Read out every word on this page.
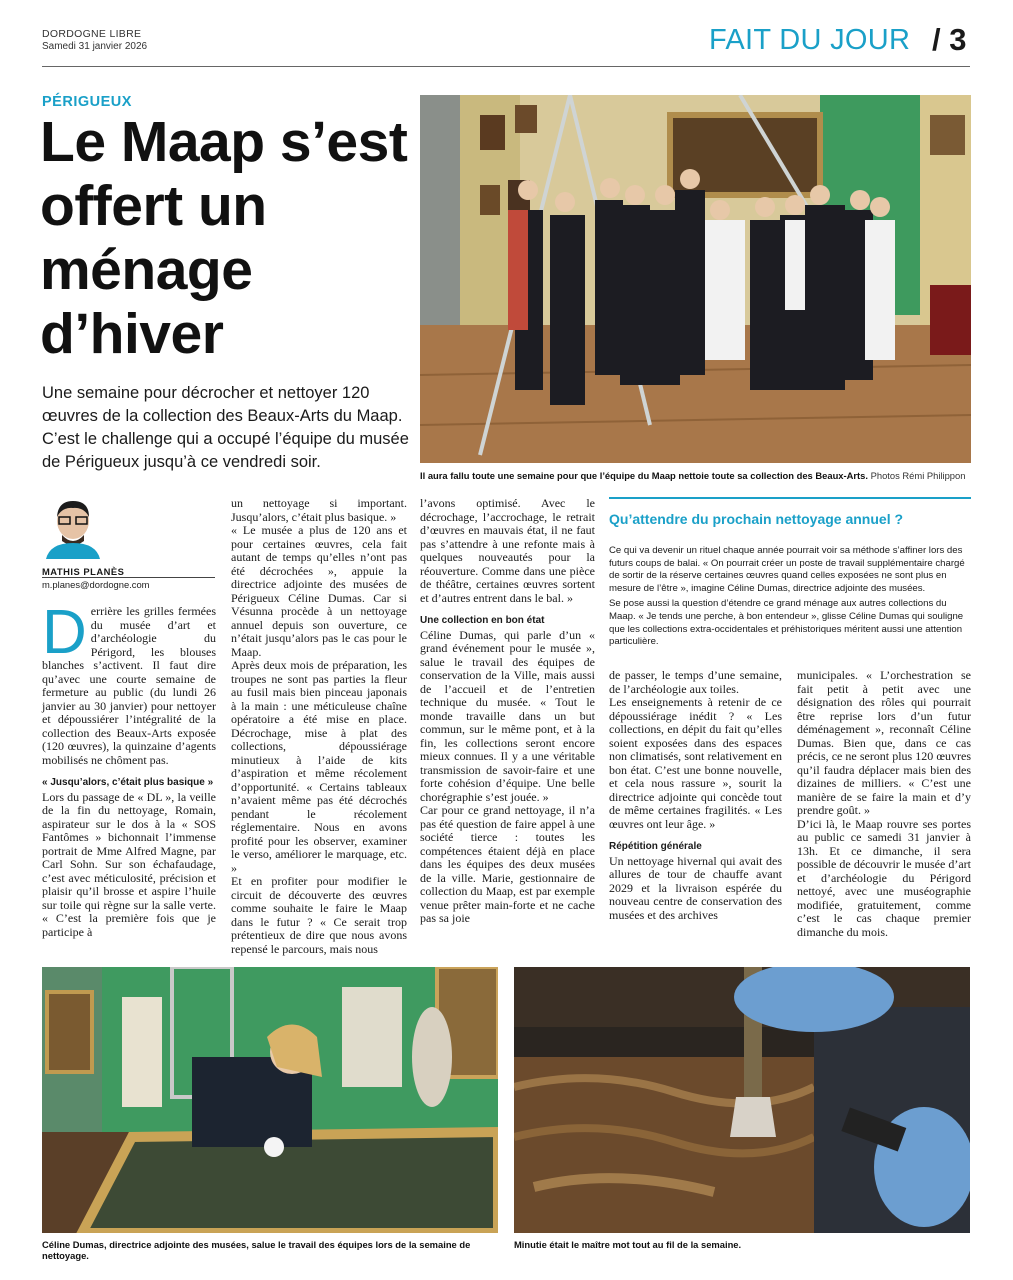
DORDOGNE LIBRE
Samedi 31 janvier 2026	FAIT DU JOUR / 3
PÉRIGUEUX
Le Maap s’est offert un ménage d’hiver

Une semaine pour décrocher et nettoyer 120 œuvres de la collection des Beaux-Arts du Maap. C’est le challenge qui a occupé l’équipe du musée de Périgueux jusqu’à ce vendredi soir.

Il aura fallu toute une semaine pour que l’équipe du Maap nettoie toute sa collection des Beaux-Arts. Photos Rémi Philippon
MATHIS PLANÈS
m.planes@dordogne.com
D errière les grilles fermées du musée d’art et d’archéologie du Périgord, les blouses blanches s’activent. Il faut dire qu’avec une courte semaine de fermeture au public (du lundi 26 janvier au 30 janvier) pour nettoyer et dépoussiérer l’intégralité de la collection des Beaux-Arts exposée (120 œuvres), la quinzaine d’agents mobilisés ne chôment pas.

« Jusqu’alors, c’était plus basique »

Lors du passage de « DL », la veille de la fin du nettoyage, Romain, aspirateur sur le dos à la « SOS Fantômes » bichonnait l’immense portrait de Mme Alfred Magne, par Carl Sohn. Sur son échafaudage, c’est avec méticulosité, précision et plaisir qu’il brosse et aspire l’huile sur toile qui règne sur la salle verte. « C’est la première fois que je participe à

un nettoyage si important. Jusqu’alors, c’était plus basique. »

« Le musée a plus de 120 ans et pour certaines œuvres, cela fait autant de temps qu’elles n’ont pas été décrochées », appuie la directrice adjointe des musées de Périgueux Céline Dumas. Car si Vésunna procède à un nettoyage annuel depuis son ouverture, ce n’était jusqu’alors pas le cas pour le Maap.

Après deux mois de préparation, les troupes ne sont pas parties la fleur au fusil mais bien pinceau japonais à la main : une méticuleuse chaîne opératoire a été mise en place. Décrochage, mise à plat des collections, dépoussiérage minutieux à l’aide de kits d’aspiration et même récolement d’opportunité. « Certains tableaux n’avaient même pas été décrochés pendant le récolement réglementaire. Nous en avons profité pour les observer, examiner le verso, améliorer le marquage, etc. »

Et en profiter pour modifier le circuit de découverte des œuvres comme souhaite le faire le Maap dans le futur ? « Ce serait trop prétentieux de dire que nous avons repensé le parcours, mais nous

l’avons optimisé. Avec le décrochage, l’accrochage, le retrait d’œuvres en mauvais état, il ne faut pas s’attendre à une refonte mais à quelques nouveautés pour la réouverture. Comme dans une pièce de théâtre, certaines œuvres sortent et d’autres entrent dans le bal. »

Une collection en bon état

Céline Dumas, qui parle d’un « grand événement pour le musée », salue le travail des équipes de conservation de la Ville, mais aussi de l’accueil et de l’entretien technique du musée. « Tout le monde travaille dans un but commun, sur le même pont, et à la fin, les collections seront encore mieux connues. Il y a une véritable transmission de savoir-faire et une forte cohésion d’équipe. Une belle chorégraphie s’est jouée. »

Car pour ce grand nettoyage, il n’a pas été question de faire appel à une société tierce : toutes les compétences étaient déjà en place dans les équipes des deux musées de la ville. Marie, gestionnaire de collection du Maap, est par exemple venue prêter main-forte et ne cache pas sa joie

Qu’attendre du prochain nettoyage annuel ?

Ce qui va devenir un rituel chaque année pourrait voir sa méthode s’affiner lors des futurs coups de balai. « On pourrait créer un poste de travail supplémentaire chargé de sortir de la réserve certaines œuvres quand celles exposées ne sont plus en mesure de l’être », imagine Céline Dumas, directrice adjointe des musées.

Se pose aussi la question d’étendre ce grand ménage aux autres collections du Maap. « Je tends une perche, à bon entendeur », glisse Céline Dumas qui souligne que les collections extra-occidentales et préhistoriques méritent aussi une attention particulière.

de passer, le temps d’une semaine, de l’archéologie aux toiles.

Les enseignements à retenir de ce dépoussiérage inédit ? « Les collections, en dépit du fait qu’elles soient exposées dans des espaces non climatisés, sont relativement en bon état. C’est une bonne nouvelle, et cela nous rassure », sourit la directrice adjointe qui concède tout de même certaines fragilités. « Les œuvres ont leur âge. »

Répétition générale

Un nettoyage hivernal qui avait des allures de tour de chauffe avant 2029 et la livraison espérée du nouveau centre de conservation des musées et des archives

municipales. « L’orchestration se fait petit à petit avec une désignation des rôles qui pourrait être reprise lors d’un futur déménagement », reconnaît Céline Dumas. Bien que, dans ce cas précis, ce ne seront plus 120 œuvres qu’il faudra déplacer mais bien des dizaines de milliers. « C’est une manière de se faire la main et d’y prendre goût. »

D’ici là, le Maap rouvre ses portes au public ce samedi 31 janvier à 13h. Et ce dimanche, il sera possible de découvrir le musée d’art et d’archéologie du Périgord nettoyé, avec une muséographie modifiée, gratuitement, comme c’est le cas chaque premier dimanche du mois.

Céline Dumas, directrice adjointe des musées, salue le travail des équipes lors de la semaine de nettoyage.
Minutie était le maître mot tout au fil de la semaine.
